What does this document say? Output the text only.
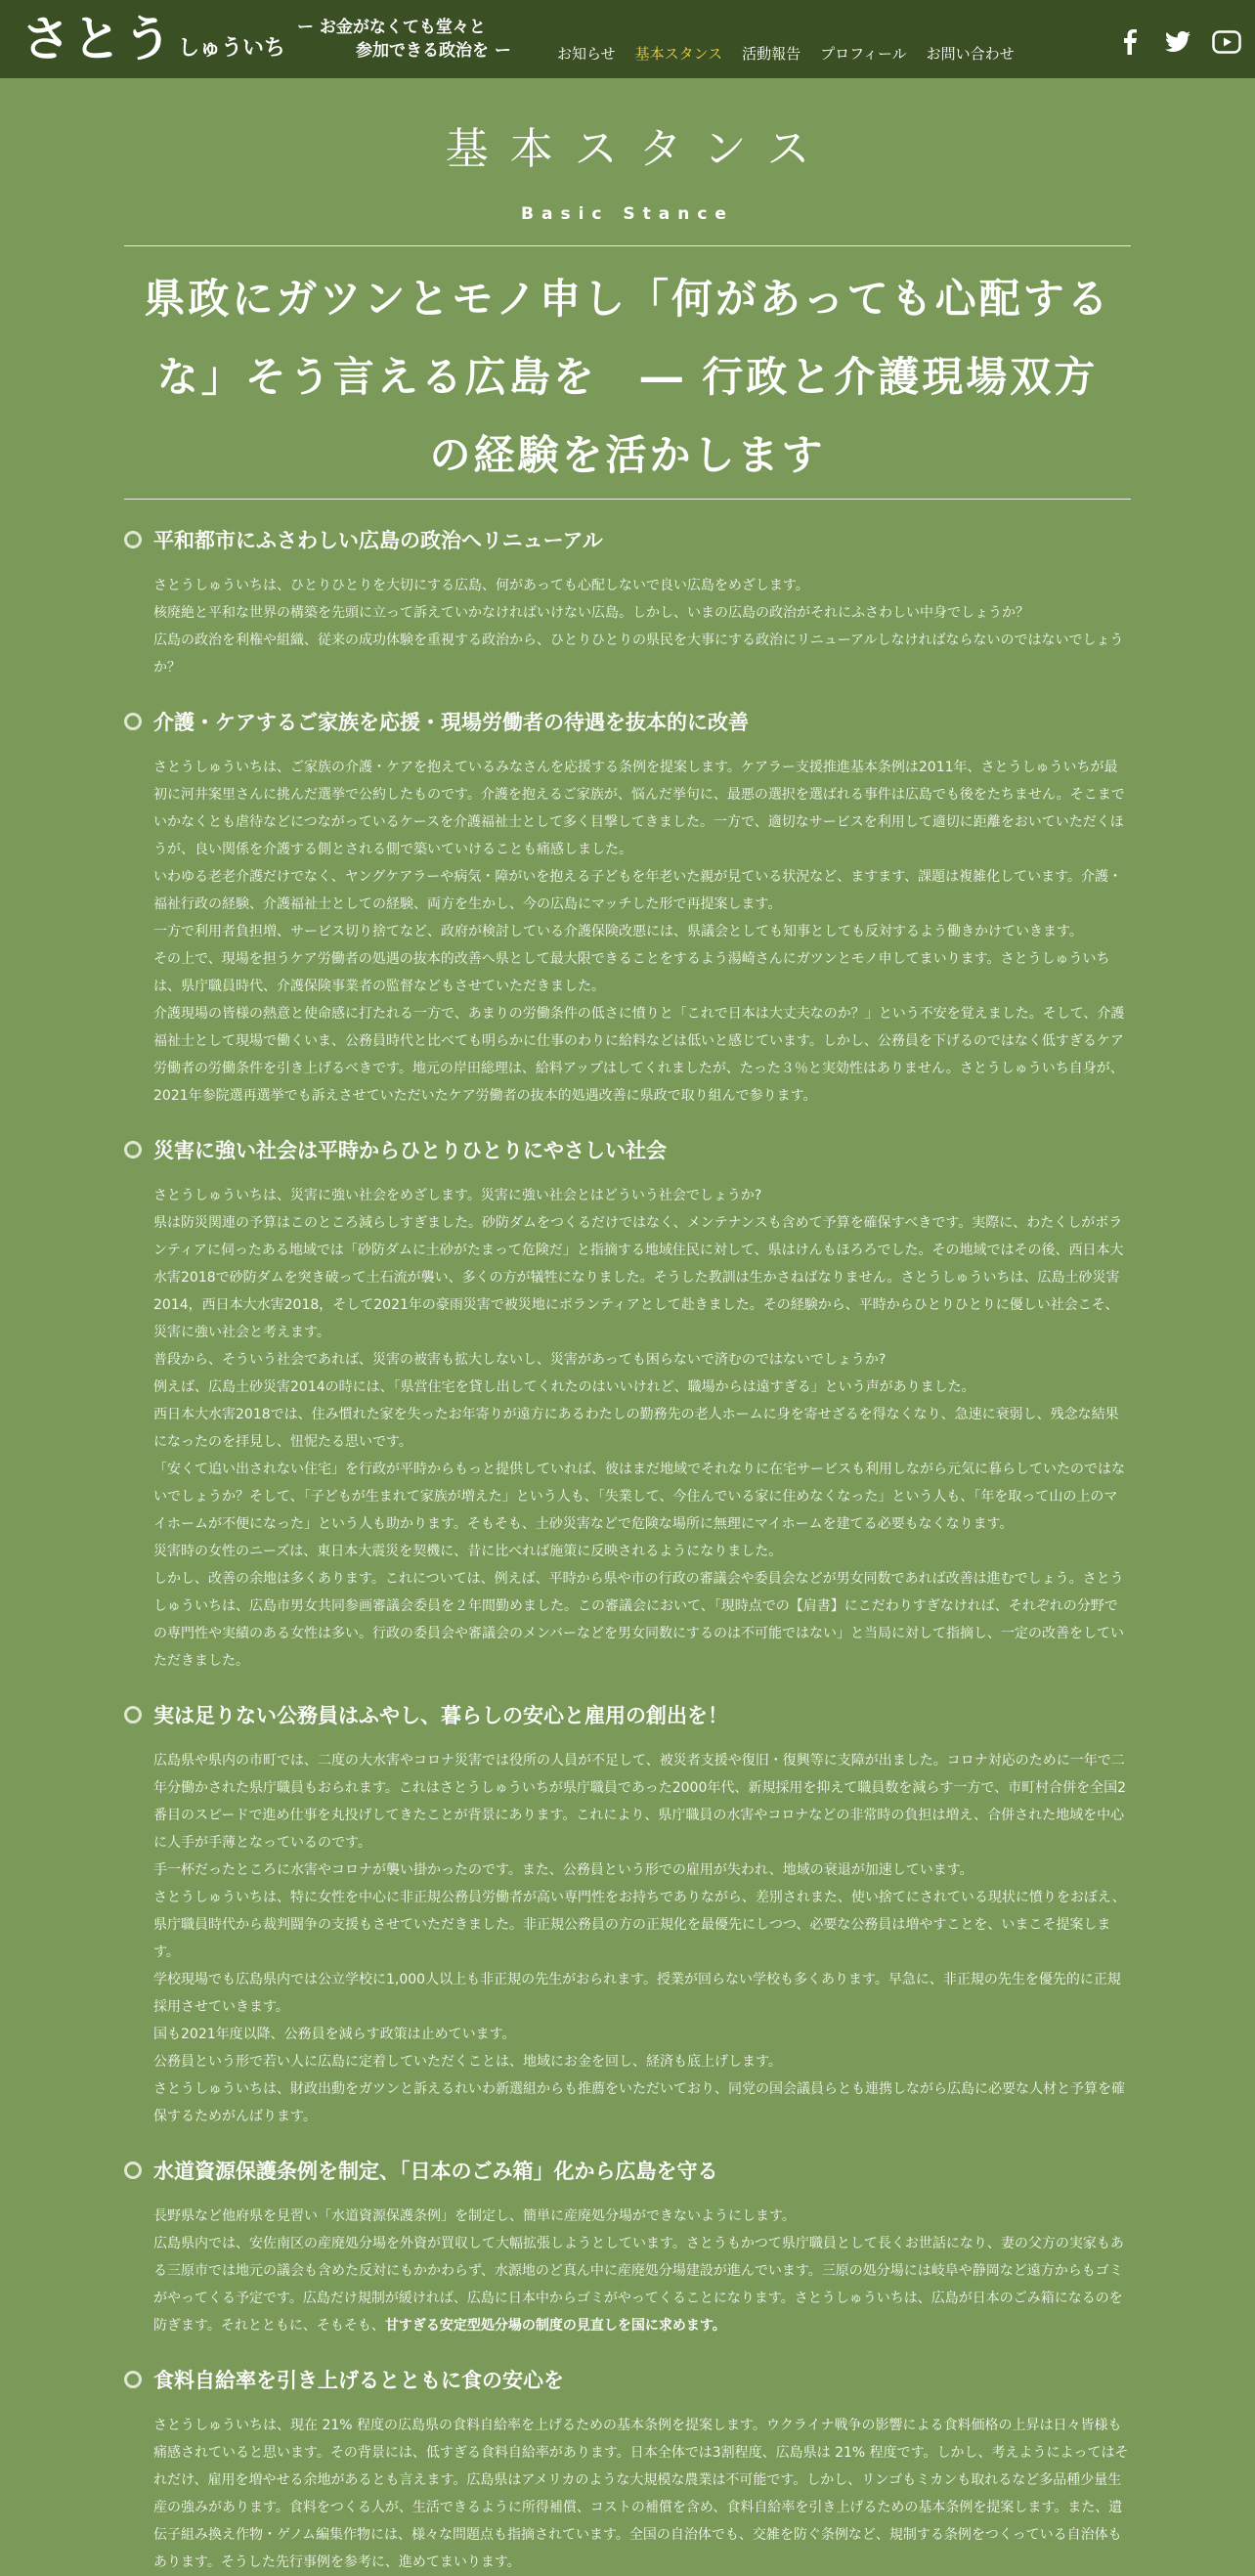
さとう しゅういち
ー お金がなくても堂々と
参加できる政治を ー	お知らせ 基本スタンス 活動報告 プロフィール お問い合わせ
基本スタンス
Basic Stance
県政にガツンとモノ申し「何があっても心配するな」そう言える広島を　― 行政と介護現場双方の経験を活かします
平和都市にふさわしい広島の政治へリニューアル

さとうしゅういちは、ひとりひとりを大切にする広島、何があっても心配しないで良い広島をめざします。

核廃絶と平和な世界の構築を先頭に立って訴えていかなければいけない広島。しかし、いまの広島の政治がそれにふさわしい中身でしょうか？

広島の政治を利権や組織、従来の成功体験を重視する政治から、ひとりひとりの県民を大事にする政治にリニューアルしなければならないのではないでしょうか？

介護・ケアするご家族を応援・現場労働者の待遇を抜本的に改善

さとうしゅういちは、ご家族の介護・ケアを抱えているみなさんを応援する条例を提案します。ケアラー支援推進基本条例は2011年、さとうしゅういちが最初に河井案里さんに挑んだ選挙で公約したものです。介護を抱えるご家族が、悩んだ挙句に、最悪の選択を選ばれる事件は広島でも後をたちません。そこまでいかなくとも虐待などにつながっているケースを介護福祉士として多く目撃してきました。一方で、適切なサービスを利用して適切に距離をおいていただくほうが、良い関係を介護する側とされる側で築いていけることも痛感しました。

いわゆる老老介護だけでなく、ヤングケアラーや病気・障がいを抱える子どもを年老いた親が見ている状況など、ますます、課題は複雑化しています。介護・福祉行政の経験、介護福祉士としての経験、両方を生かし、今の広島にマッチした形で再提案します。

一方で利用者負担増、サービス切り捨てなど、政府が検討している介護保険改悪には、県議会としても知事としても反対するよう働きかけていきます。

その上で、現場を担うケア労働者の処遇の抜本的改善へ県として最大限できることをするよう湯崎さんにガツンとモノ申してまいります。さとうしゅういちは、県庁職員時代、介護保険事業者の監督などもさせていただきました。

介護現場の皆様の熱意と使命感に打たれる一方で、あまりの労働条件の低さに憤りと「これで日本は大丈夫なのか？」という不安を覚えました。そして、介護福祉士として現場で働くいま、公務員時代と比べても明らかに仕事のわりに給料などは低いと感じています。しかし、公務員を下げるのではなく低すぎるケア労働者の労働条件を引き上げるべきです。地元の岸田総理は、給料アップはしてくれましたが、たった３％と実効性はありません。さとうしゅういち自身が、2021年参院選再選挙でも訴えさせていただいたケア労働者の抜本的処遇改善に県政で取り組んで参ります。

災害に強い社会は平時からひとりひとりにやさしい社会

さとうしゅういちは、災害に強い社会をめざします。災害に強い社会とはどういう社会でしょうか?

県は防災関連の予算はこのところ減らしすぎました。砂防ダムをつくるだけではなく、メンテナンスも含めて予算を確保すべきです。実際に、わたくしがボランティアに伺ったある地域では「砂防ダムに土砂がたまって危険だ」と指摘する地域住民に対して、県はけんもほろろでした。その地域ではその後、西日本大水害2018で砂防ダムを突き破って土石流が襲い、多くの方が犠牲になりました。そうした教訓は生かさねばなりません。さとうしゅういちは、広島土砂災害2014，西日本大水害2018，そして2021年の豪雨災害で被災地にボランティアとして赴きました。その経験から、平時からひとりひとりに優しい社会こそ、災害に強い社会と考えます。

普段から、そういう社会であれば、災害の被害も拡大しないし、災害があっても困らないで済むのではないでしょうか?

例えば、広島土砂災害2014の時には、「県営住宅を貸し出してくれたのはいいけれど、職場からは遠すぎる」という声がありました。

西日本大水害2018では、住み慣れた家を失ったお年寄りが遠方にあるわたしの勤務先の老人ホームに身を寄せざるを得なくなり、急速に衰弱し、残念な結果になったのを拝見し、忸怩たる思いです。

「安くて追い出されない住宅」を行政が平時からもっと提供していれば、彼はまだ地域でそれなりに在宅サービスも利用しながら元気に暮らしていたのではないでしょうか？そして、「子どもが生まれて家族が増えた」という人も、「失業して、今住んでいる家に住めなくなった」という人も、「年を取って山の上のマイホームが不便になった」という人も助かります。そもそも、土砂災害などで危険な場所に無理にマイホームを建てる必要もなくなります。

災害時の女性のニーズは、東日本大震災を契機に、昔に比べれば施策に反映されるようになりました。

しかし、改善の余地は多くあります。これについては、例えば、平時から県や市の行政の審議会や委員会などが男女同数であれば改善は進むでしょう。さとうしゅういちは、広島市男女共同参画審議会委員を２年間勤めました。この審議会において、「現時点での【肩書】にこだわりすぎなければ、それぞれの分野での専門性や実績のある女性は多い。行政の委員会や審議会のメンバーなどを男女同数にするのは不可能ではない」と当局に対して指摘し、一定の改善をしていただきました。

実は足りない公務員はふやし、暮らしの安心と雇用の創出を！

広島県や県内の市町では、二度の大水害やコロナ災害では役所の人員が不足して、被災者支援や復旧・復興等に支障が出ました。コロナ対応のために一年で二年分働かされた県庁職員もおられます。これはさとうしゅういちが県庁職員であった2000年代、新規採用を抑えて職員数を減らす一方で、市町村合併を全国2番目のスピードで進め仕事を丸投げしてきたことが背景にあります。これにより、県庁職員の水害やコロナなどの非常時の負担は増え、合併された地域を中心に人手が手薄となっているのです。

手一杯だったところに水害やコロナが襲い掛かったのです。また、公務員という形での雇用が失われ、地域の衰退が加速しています。

さとうしゅういちは、特に女性を中心に非正規公務員労働者が高い専門性をお持ちでありながら、差別されまた、使い捨てにされている現状に憤りをおぼえ、県庁職員時代から裁判闘争の支援もさせていただきました。非正規公務員の方の正規化を最優先にしつつ、必要な公務員は増やすことを、いまこそ提案します。

学校現場でも広島県内では公立学校に1,000人以上も非正規の先生がおられます。授業が回らない学校も多くあります。早急に、非正規の先生を優先的に正規採用させていきます。

国も2021年度以降、公務員を減らす政策は止めています。

公務員という形で若い人に広島に定着していただくことは、地域にお金を回し、経済も底上げします。

さとうしゅういちは、財政出動をガツンと訴えるれいわ新選組からも推薦をいただいており、同党の国会議員らとも連携しながら広島に必要な人材と予算を確保するためがんばります。

水道資源保護条例を制定、「日本のごみ箱」化から広島を守る

長野県など他府県を見習い「水道資源保護条例」を制定し、簡単に産廃処分場ができないようにします。

広島県内では、安佐南区の産廃処分場を外資が買収して大幅拡張しようとしています。さとうもかつて県庁職員として長くお世話になり、妻の父方の実家もある三原市では地元の議会も含めた反対にもかかわらず、水源地のど真ん中に産廃処分場建設が進んでいます。三原の処分場には岐阜や静岡など遠方からもゴミがやってくる予定です。広島だけ規制が緩ければ、広島に日本中からゴミがやってくることになります。さとうしゅういちは、広島が日本のごみ箱になるのを防ぎます。それとともに、そもそも、甘すぎる安定型処分場の制度の見直しを国に求めます。

食料自給率を引き上げるとともに食の安心を

さとうしゅういちは、現在 21% 程度の広島県の食料自給率を上げるための基本条例を提案します。ウクライナ戦争の影響による食料価格の上昇は日々皆様も痛感されていると思います。その背景には、低すぎる食料自給率があります。日本全体では3割程度、広島県は 21% 程度です。しかし、考えようによってはそれだけ、雇用を増やせる余地があるとも言えます。広島県はアメリカのような大規模な農業は不可能です。しかし、リンゴもミカンも取れるなど多品種少量生産の強みがあります。食料をつくる人が、生活できるように所得補償、コストの補償を含め、食料自給率を引き上げるための基本条例を提案します。また、遺伝子組み換え作物・ゲノム編集作物には、様々な問題点も指摘されています。全国の自治体でも、交雑を防ぐ条例など、規制する条例をつくっている自治体もあります。そうした先行事例を参考に、進めてまいります。
